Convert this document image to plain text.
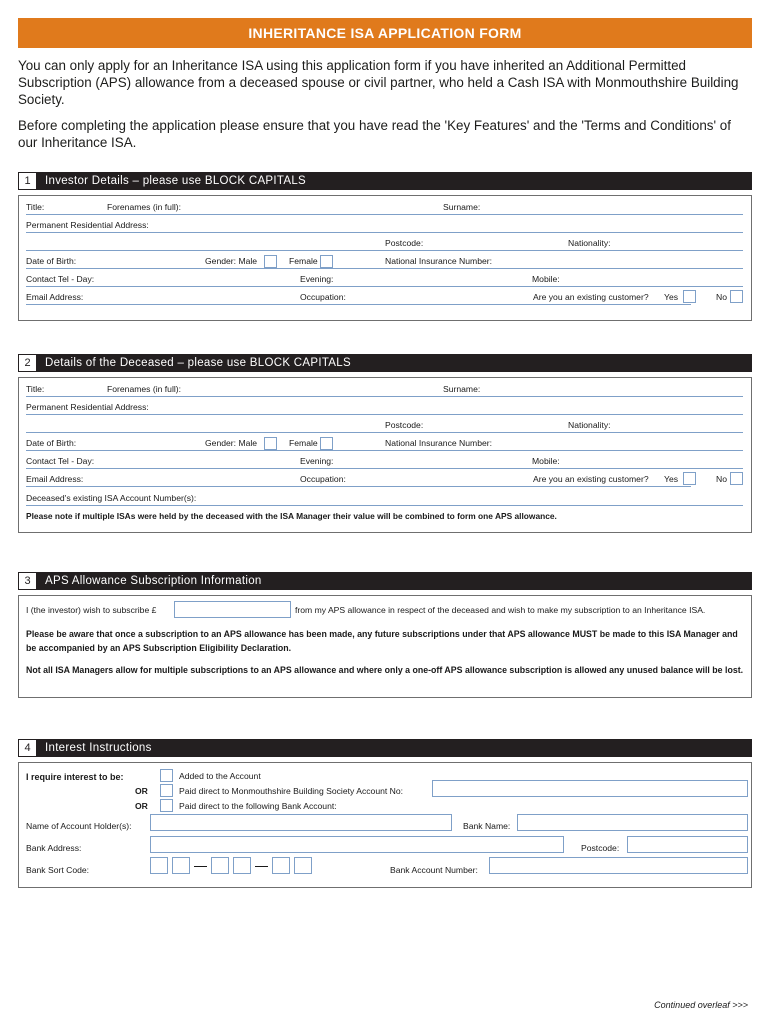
INHERITANCE ISA APPLICATION FORM
You can only apply for an Inheritance ISA using this application form if you have inherited an Additional Permitted Subscription (APS) allowance from a deceased spouse or civil partner, who held a Cash ISA with Monmouthshire Building Society.
Before completing the application please ensure that you have read the 'Key Features' and the 'Terms and Conditions' of our Inheritance ISA.
1	Investor Details – please use BLOCK CAPITALS
Title:	Forenames (in full):	Surname:
Permanent Residential Address:
Postcode:	Nationality:
Date of Birth:	Gender: Male	Female	National Insurance Number:
Contact Tel - Day:	Evening:	Mobile:
Email Address:	Occupation:	Are you an existing customer? Yes	No
2	Details of the Deceased – please use BLOCK CAPITALS
Title:	Forenames (in full):	Surname:
Permanent Residential Address:
Postcode:	Nationality:
Date of Birth:	Gender: Male	Female	National Insurance Number:
Contact Tel - Day:	Evening:	Mobile:
Email Address:	Occupation:	Are you an existing customer? Yes	No
Deceased's existing ISA Account Number(s):
Please note if multiple ISAs were held by the deceased with the ISA Manager their value will be combined to form one APS allowance.
3	APS Allowance Subscription Information
I (the investor) wish to subscribe £	from my APS allowance in respect of the deceased and wish to make my subscription to an Inheritance ISA.
Please be aware that once a subscription to an APS allowance has been made, any future subscriptions under that APS allowance MUST be made to this ISA Manager and be accompanied by an APS Subscription Eligibility Declaration.
Not all ISA Managers allow for multiple subscriptions to an APS allowance and where only a one-off APS allowance subscription is allowed any unused balance will be lost.
4	Interest Instructions
I require interest to be:	Added to the Account
OR	Paid direct to Monmouthshire Building Society Account No:
OR	Paid direct to the following Bank Account:
Name of Account Holder(s):	Bank Name:
Bank Address:	Postcode:
Bank Sort Code:	Bank Account Number:
Continued overleaf >>>
